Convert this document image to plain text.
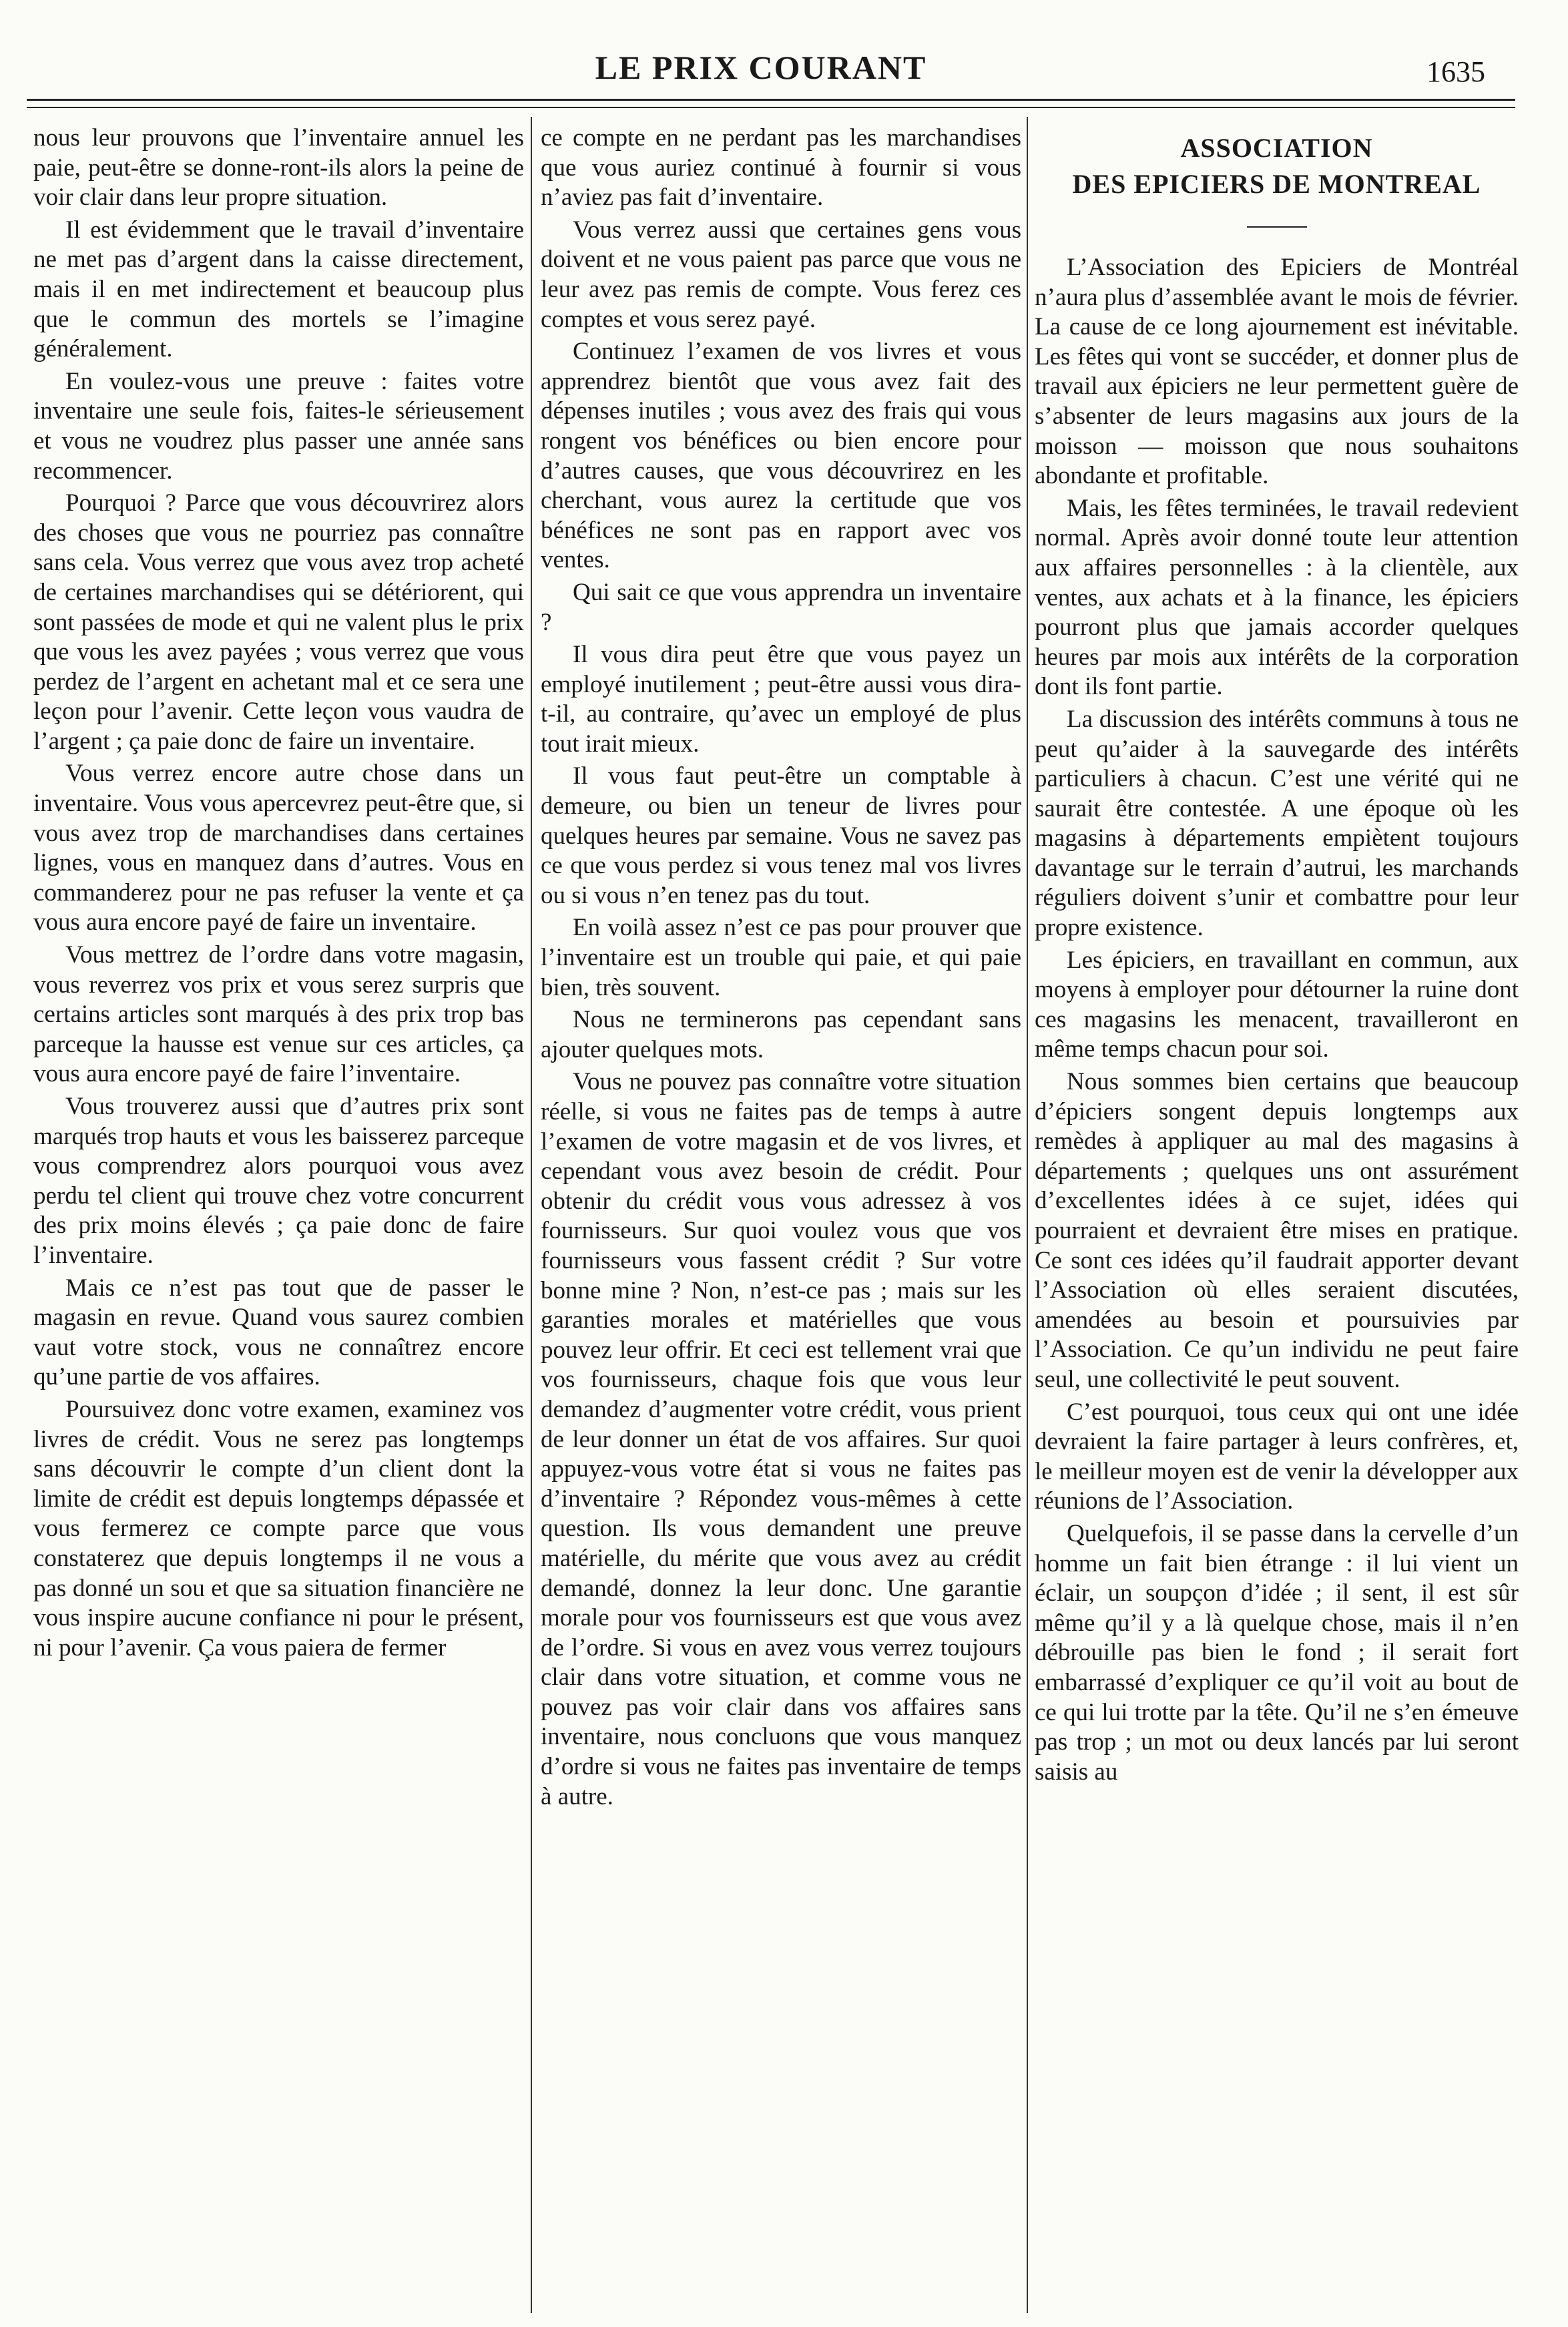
LE PRIX COURANT	1635

nous leur prouvons que l’inventaire annuel les paie, peut-être se donne-ront-ils alors la peine de voir clair dans leur propre situation.

Il est évidemment que le travail d’inventaire ne met pas d’argent dans la caisse directement, mais il en met indirectement et beaucoup plus que le commun des mortels se l’imagine généralement.

En voulez-vous une preuve : faites votre inventaire une seule fois, faites-le sérieusement et vous ne voudrez plus passer une année sans recommencer.

Pourquoi ? Parce que vous découvrirez alors des choses que vous ne pourriez pas connaître sans cela. Vous verrez que vous avez trop acheté de certaines marchandises qui se détériorent, qui sont passées de mode et qui ne valent plus le prix que vous les avez payées ; vous verrez que vous perdez de l’argent en achetant mal et ce sera une leçon pour l’avenir. Cette leçon vous vaudra de l’argent ; ça paie donc de faire un inventaire.

Vous verrez encore autre chose dans un inventaire. Vous vous apercevrez peut-être que, si vous avez trop de marchandises dans certaines lignes, vous en manquez dans d’autres. Vous en commanderez pour ne pas refuser la vente et ça vous aura encore payé de faire un inventaire.

Vous mettrez de l’ordre dans votre magasin, vous reverrez vos prix et vous serez surpris que certains articles sont marqués à des prix trop bas parceque la hausse est venue sur ces articles, ça vous aura encore payé de faire l’inventaire.

Vous trouverez aussi que d’autres prix sont marqués trop hauts et vous les baisserez parceque vous comprendrez alors pourquoi vous avez perdu tel client qui trouve chez votre concurrent des prix moins élevés ; ça paie donc de faire l’inventaire.

Mais ce n’est pas tout que de passer le magasin en revue. Quand vous saurez combien vaut votre stock, vous ne connaîtrez encore qu’une partie de vos affaires.

Poursuivez donc votre examen, examinez vos livres de crédit. Vous ne serez pas longtemps sans découvrir le compte d’un client dont la limite de crédit est depuis longtemps dépassée et vous fermerez ce compte parce que vous constaterez que depuis longtemps il ne vous a pas donné un sou et que sa situation financière ne vous inspire aucune confiance ni pour le présent, ni pour l’avenir. Ça vous paiera de fermer

ce compte en ne perdant pas les marchandises que vous auriez continué à fournir si vous n’aviez pas fait d’inventaire.

Vous verrez aussi que certaines gens vous doivent et ne vous paient pas parce que vous ne leur avez pas remis de compte. Vous ferez ces comptes et vous serez payé.

Continuez l’examen de vos livres et vous apprendrez bientôt que vous avez fait des dépenses inutiles ; vous avez des frais qui vous rongent vos bénéfices ou bien encore pour d’autres causes, que vous découvrirez en les cherchant, vous aurez la certitude que vos bénéfices ne sont pas en rapport avec vos ventes.

Qui sait ce que vous apprendra un inventaire ?

Il vous dira peut être que vous payez un employé inutilement ; peut-être aussi vous dira-t-il, au contraire, qu’avec un employé de plus tout irait mieux.

Il vous faut peut-être un comptable à demeure, ou bien un teneur de livres pour quelques heures par semaine. Vous ne savez pas ce que vous perdez si vous tenez mal vos livres ou si vous n’en tenez pas du tout.

En voilà assez n’est ce pas pour prouver que l’inventaire est un trouble qui paie, et qui paie bien, très souvent.

Nous ne terminerons pas cependant sans ajouter quelques mots.

Vous ne pouvez pas connaître votre situation réelle, si vous ne faites pas de temps à autre l’examen de votre magasin et de vos livres, et cependant vous avez besoin de crédit. Pour obtenir du crédit vous vous adressez à vos fournisseurs. Sur quoi voulez vous que vos fournisseurs vous fassent crédit ? Sur votre bonne mine ? Non, n’est-ce pas ; mais sur les garanties morales et matérielles que vous pouvez leur offrir. Et ceci est tellement vrai que vos fournisseurs, chaque fois que vous leur demandez d’augmenter votre crédit, vous prient de leur donner un état de vos affaires. Sur quoi appuyez-vous votre état si vous ne faites pas d’inventaire ? Répondez vous-mêmes à cette question. Ils vous demandent une preuve matérielle, du mérite que vous avez au crédit demandé, donnez la leur donc. Une garantie morale pour vos fournisseurs est que vous avez de l’ordre. Si vous en avez vous verrez toujours clair dans votre situation, et comme vous ne pouvez pas voir clair dans vos affaires sans inventaire, nous concluons que vous manquez d’ordre si vous ne faites pas inventaire de temps à autre.

ASSOCIATION
DES EPICIERS DE MONTREAL

L’Association des Epiciers de Montréal n’aura plus d’assemblée avant le mois de février. La cause de ce long ajournement est inévitable. Les fêtes qui vont se succéder, et donner plus de travail aux épiciers ne leur permettent guère de s’absenter de leurs magasins aux jours de la moisson — moisson que nous souhaitons abondante et profitable.

Mais, les fêtes terminées, le travail redevient normal. Après avoir donné toute leur attention aux affaires personnelles : à la clientèle, aux ventes, aux achats et à la finance, les épiciers pourront plus que jamais accorder quelques heures par mois aux intérêts de la corporation dont ils font partie.

La discussion des intérêts communs à tous ne peut qu’aider à la sauvegarde des intérêts particuliers à chacun. C’est une vérité qui ne saurait être contestée. A une époque où les magasins à départements empiètent toujours davantage sur le terrain d’autrui, les marchands réguliers doivent s’unir et combattre pour leur propre existence.

Les épiciers, en travaillant en commun, aux moyens à employer pour détourner la ruine dont ces magasins les menacent, travailleront en même temps chacun pour soi.

Nous sommes bien certains que beaucoup d’épiciers songent depuis longtemps aux remèdes à appliquer au mal des magasins à départements ; quelques uns ont assurément d’excellentes idées à ce sujet, idées qui pourraient et devraient être mises en pratique. Ce sont ces idées qu’il faudrait apporter devant l’Association où elles seraient discutées, amendées au besoin et poursuivies par l’Association. Ce qu’un individu ne peut faire seul, une collectivité le peut souvent.

C’est pourquoi, tous ceux qui ont une idée devraient la faire partager à leurs confrères, et, le meilleur moyen est de venir la développer aux réunions de l’Association.

Quelquefois, il se passe dans la cervelle d’un homme un fait bien étrange : il lui vient un éclair, un soupçon d’idée ; il sent, il est sûr même qu’il y a là quelque chose, mais il n’en débrouille pas bien le fond ; il serait fort embarrassé d’expliquer ce qu’il voit au bout de ce qui lui trotte par la tête. Qu’il ne s’en émeuve pas trop ; un mot ou deux lancés par lui seront saisis au
